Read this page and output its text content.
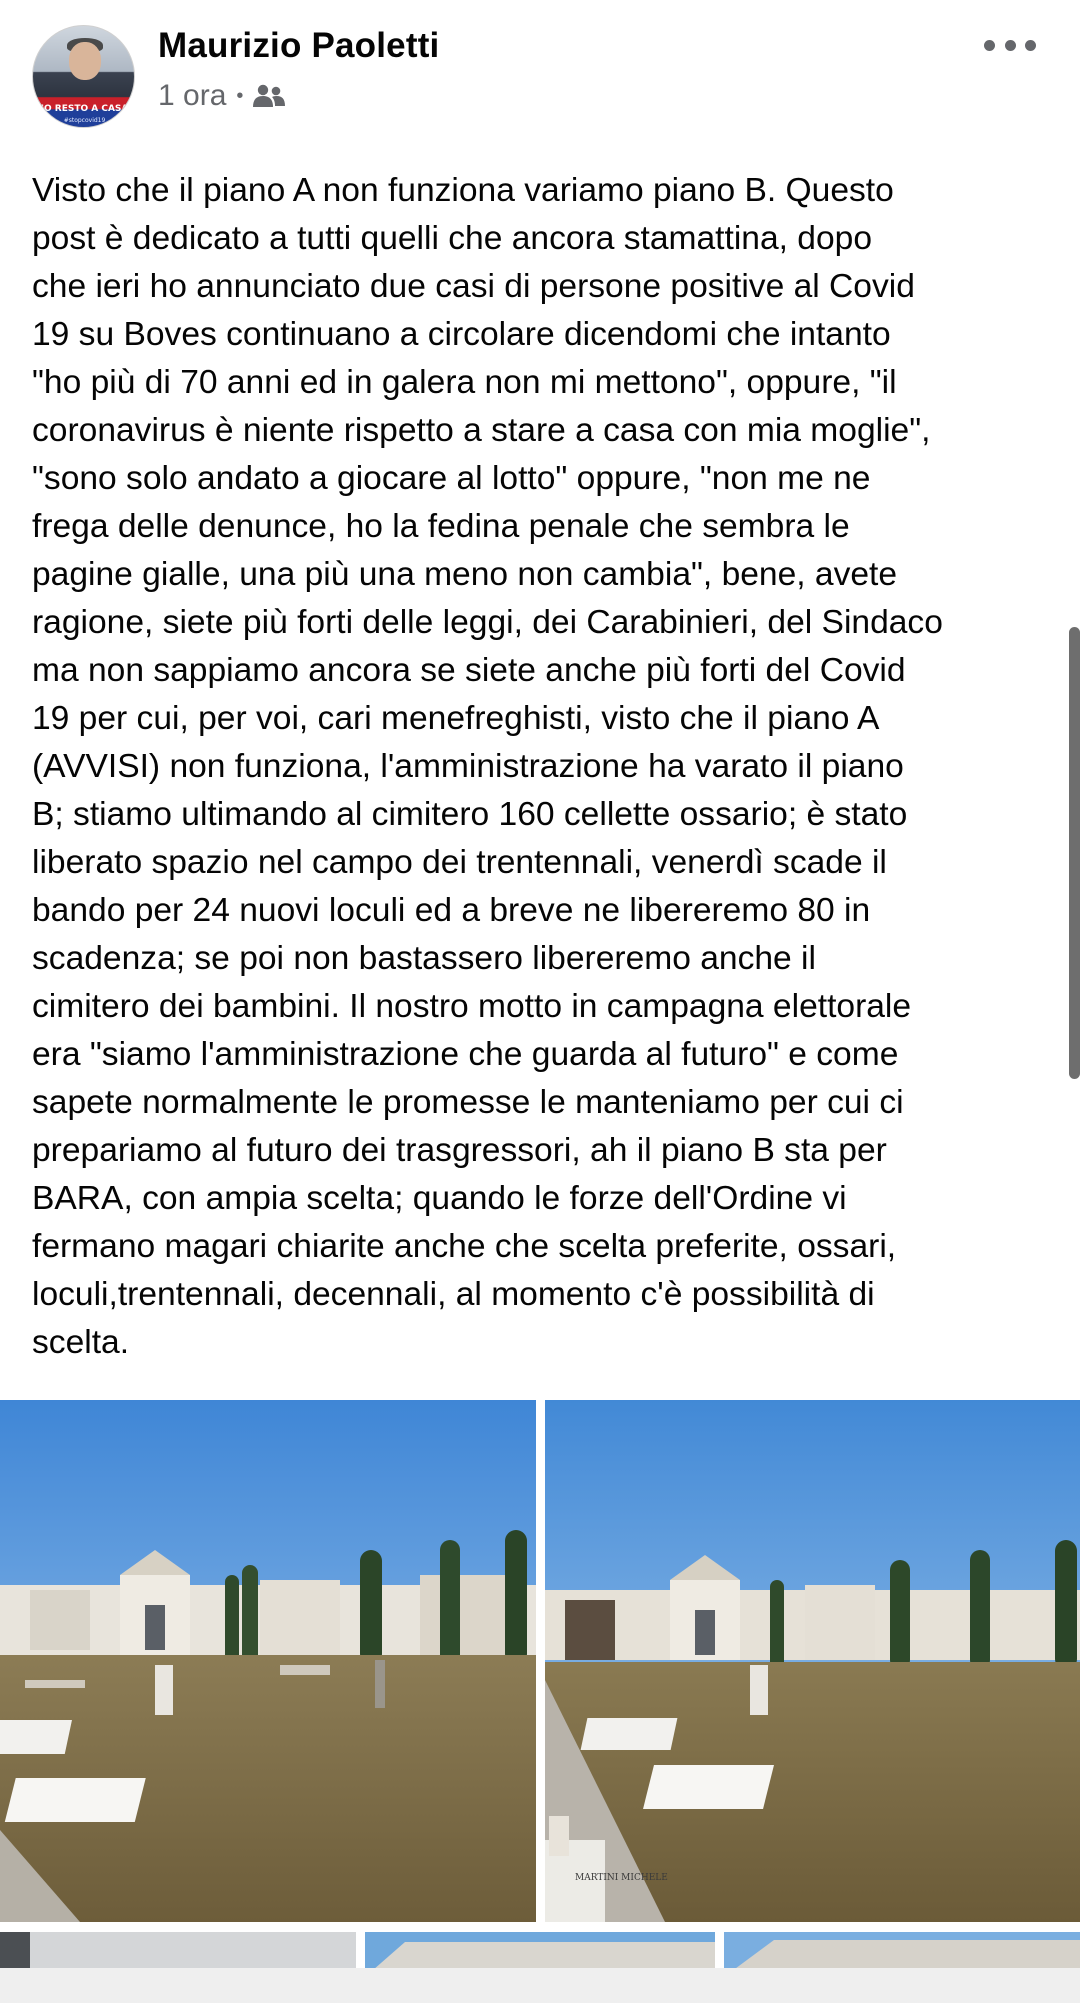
IO RESTO A CASA
#stopcovid19
Maurizio Paoletti
1 ora •
Visto che il piano A non funziona variamo piano B. Questo
post è dedicato a tutti quelli che ancora stamattina, dopo
che ieri ho annunciato due casi di persone positive al Covid
19 su Boves continuano a circolare dicendomi che intanto
"ho più di 70 anni ed in galera non mi mettono", oppure, "il
coronavirus è niente rispetto a stare a casa con mia moglie",
"sono solo andato a giocare al lotto" oppure, "non me ne
frega delle denunce, ho la fedina penale che sembra le
pagine gialle, una più una meno non cambia", bene, avete
ragione, siete più forti delle leggi, dei Carabinieri, del Sindaco
ma non sappiamo ancora se siete anche più forti del Covid
19 per cui, per voi, cari menefreghisti, visto che il piano A
(AVVISI) non funziona, l'amministrazione ha varato il piano
B; stiamo ultimando al cimitero 160 cellette ossario; è stato
liberato spazio nel campo dei trentennali, venerdì scade il
bando per 24 nuovi loculi ed a breve ne libereremo 80 in
scadenza; se poi non bastassero libereremo anche il
cimitero dei bambini. Il nostro motto in campagna elettorale
era "siamo l'amministrazione che guarda al futuro" e come
sapete normalmente le promesse le manteniamo per cui ci
prepariamo al futuro dei trasgressori, ah il piano B sta per
BARA, con ampia scelta; quando le forze dell'Ordine vi
fermano magari chiarite anche che scelta preferite, ossari,
loculi,trentennali, decennali, al momento c'è possibilità di
scelta.
MARTINI MICHELE
